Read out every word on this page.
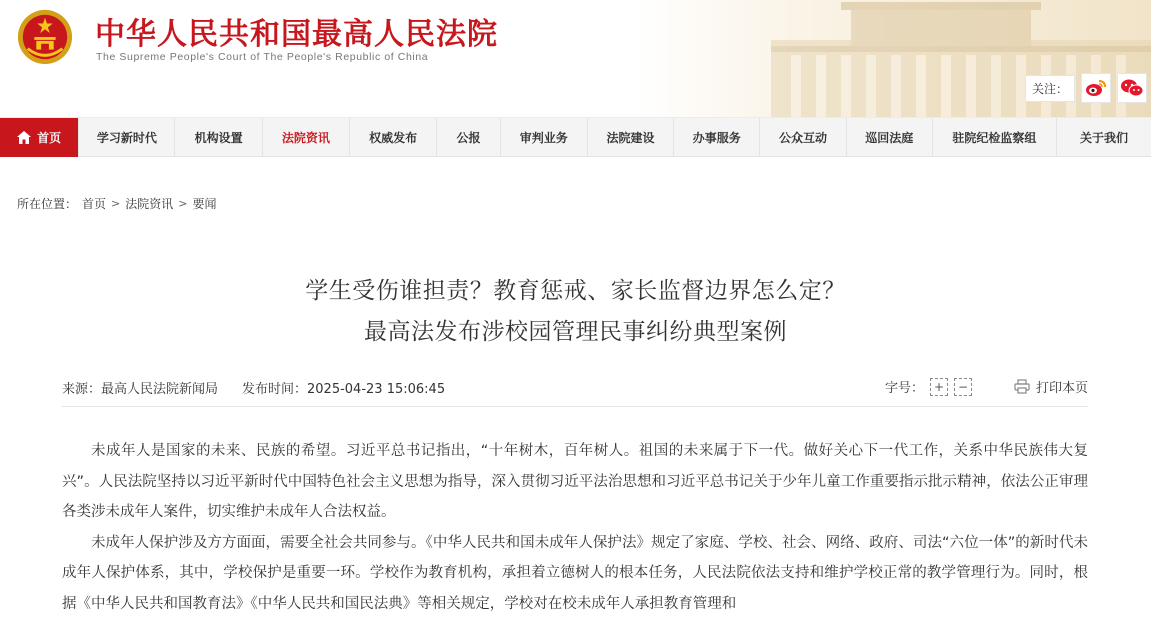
中华人民共和国最高人民法院
The Supreme People's Court of The People's Republic of China
关注：
首页	学习新时代	机构设置	法院资讯	权威发布	公报	审判业务	法院建设	办事服务	公众互动	巡回法庭	驻院纪检监察组	关于我们
所在位置： 首页 > 法院资讯 > 要闻
学生受伤谁担责？教育惩戒、家长监督边界怎么定？
最高法发布涉校园管理民事纠纷典型案例
来源：最高人民法院新闻局 发布时间：2025-04-23 15:06:45	字号： +	−	打印本页

未成年人是国家的未来、民族的希望。习近平总书记指出，“十年树木，百年树人。祖国的未来属于下一代。做好关心下一代工作，关系中华民族伟大复兴”。人民法院坚持以习近平新时代中国特色社会主义思想为指导，深入贯彻习近平法治思想和习近平总书记关于少年儿童工作重要指示批示精神，依法公正审理各类涉未成年人案件，切实维护未成年人合法权益。

未成年人保护涉及方方面面，需要全社会共同参与。《中华人民共和国未成年人保护法》规定了家庭、学校、社会、网络、政府、司法“六位一体”的新时代未成年人保护体系，其中，学校保护是重要一环。学校作为教育机构，承担着立德树人的根本任务，人民法院依法支持和维护学校正常的教学管理行为。同时，根据《中华人民共和国教育法》《中华人民共和国民法典》等相关规定，学校对在校未成年人承担教育管理和
